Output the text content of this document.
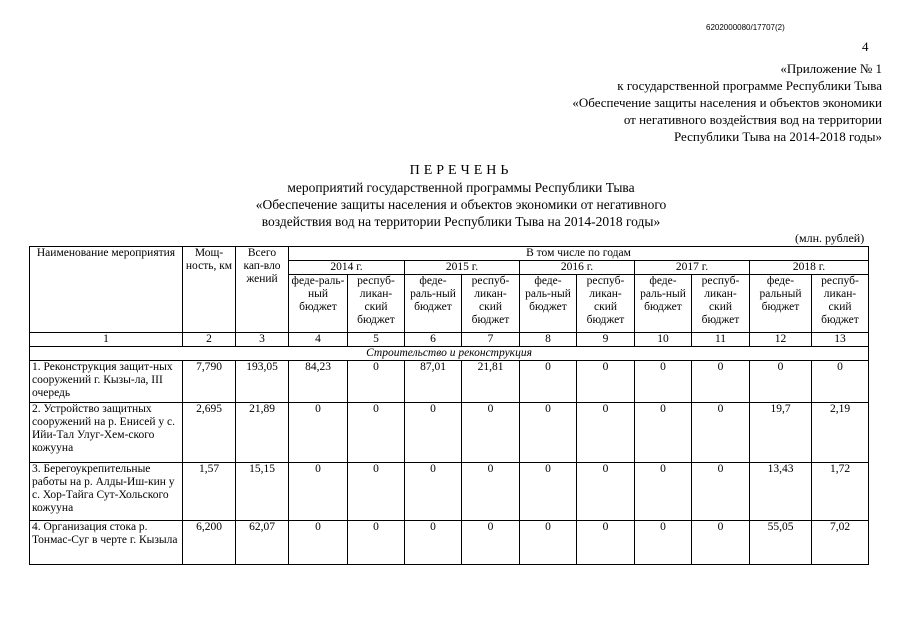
6202000080/17707(2)
4
«Приложение № 1
к государственной программе Республики Тыва
«Обеспечение защиты населения и объектов экономики
от негативного воздействия вод на территории
Республики Тыва на 2014-2018 годы»
ПЕРЕЧЕНЬ
мероприятий государственной программы Республики Тыва
«Обеспечение защиты населения и объектов экономики от негативного
воздействия вод на территории Республики Тыва на 2014-2018 годы»
(млн. рублей)
Наименование мероприятия	Мощ-ность, км	Всего кап-вло жений	В том числе по годам									
			2014 г.		2015 г.		2016 г.		2017 г.		2018 г.	
			феде-раль-ный бюджет	респуб-ликан-ский бюджет	феде-раль-ный бюджет	респуб-ликан-ский бюджет	феде-раль-ный бюджет	респуб-ликан-ский бюджет	феде-раль-ный бюджет	респуб-ликан-ский бюджет	феде-ральный бюджет	респуб-ликан-ский бюджет
1	2	3	4	5	6	7	8	9	10	11	12	13
Строительство и реконструкция												
1. Реконструкция защит-ных сооружений г. Кызы-ла, III очередь	7,790	193,05	84,23	0	87,01	21,81	0	0	0	0	0	0
2. Устройство защитных сооружений на р. Енисей у с. Ийи-Тал Улуг-Хем-ского кожууна	2,695	21,89	0	0	0	0	0	0	0	0	19,7	2,19
3. Берегоукрепительные работы на р. Алды-Иш-кин у с. Хор-Тайга Сут-Хольского кожууна	1,57	15,15	0	0	0	0	0	0	0	0	13,43	1,72
4. Организация стока р. Тонмас-Суг в черте г. Кызыла	6,200	62,07	0	0	0	0	0	0	0	0	55,05	7,02
